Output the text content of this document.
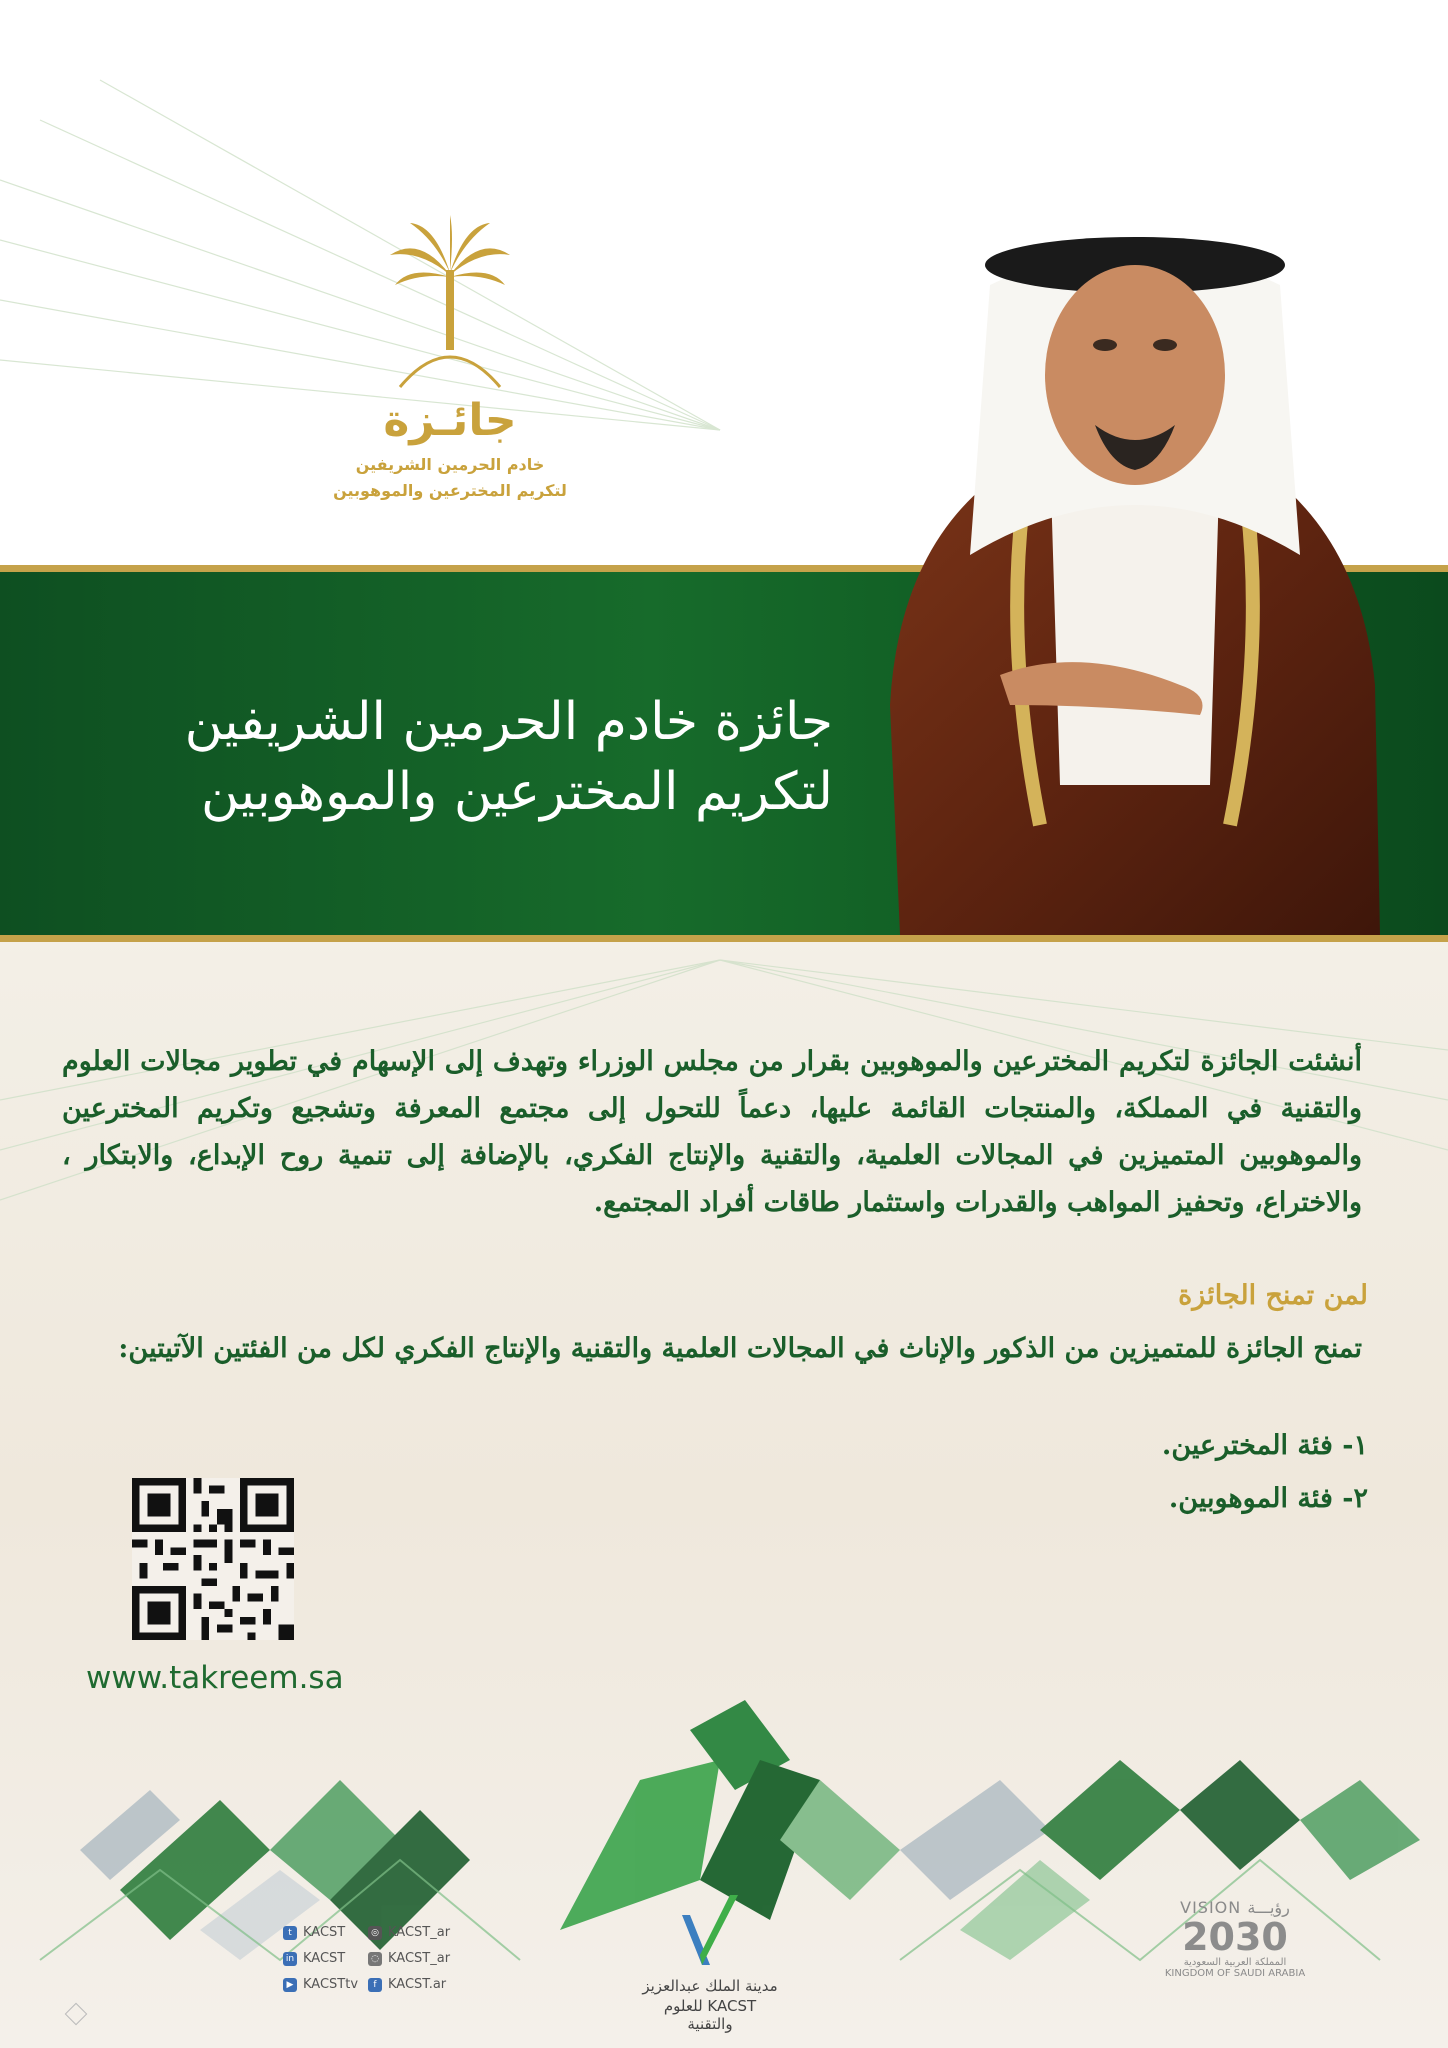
جائـزة
خادم الحرمين الشريفين
لتكريم المخترعين والموهوبين
جائزة خادم الحرمين الشريفين
لتكريم المخترعين والموهوبين
أنشئت الجائزة لتكريم المخترعين والموهوبين بقرار من مجلس الوزراء وتهدف إلى الإسهام في تطوير مجالات العلوم والتقنية في المملكة، والمنتجات القائمة عليها، دعماً للتحول إلى مجتمع المعرفة وتشجيع وتكريم المخترعين والموهوبين المتميزين في المجالات العلمية، والتقنية والإنتاج الفكري، بالإضافة إلى تنمية روح الإبداع، والابتكار ، والاختراع، وتحفيز المواهب والقدرات واستثمار طاقات أفراد المجتمع.
لمن تمنح الجائزة
تمنح الجائزة للمتميزين من الذكور والإناث في المجالات العلمية والتقنية والإنتاج الفكري لكل من الفئتين الآتيتين:
١- فئة المخترعين.
٢- فئة الموهوبين.
www.takreem.sa
t KACST	◎ KACST_ar
in KACST	◌ KACST_ar
▶ KACSTtv	f KACST.ar	مدينة الملك عبدالعزيز
KACST للعلوم والتقنية
VISION رؤيـــة
2030
المملكة العربية السعودية
KINGDOM OF SAUDI ARABIA
